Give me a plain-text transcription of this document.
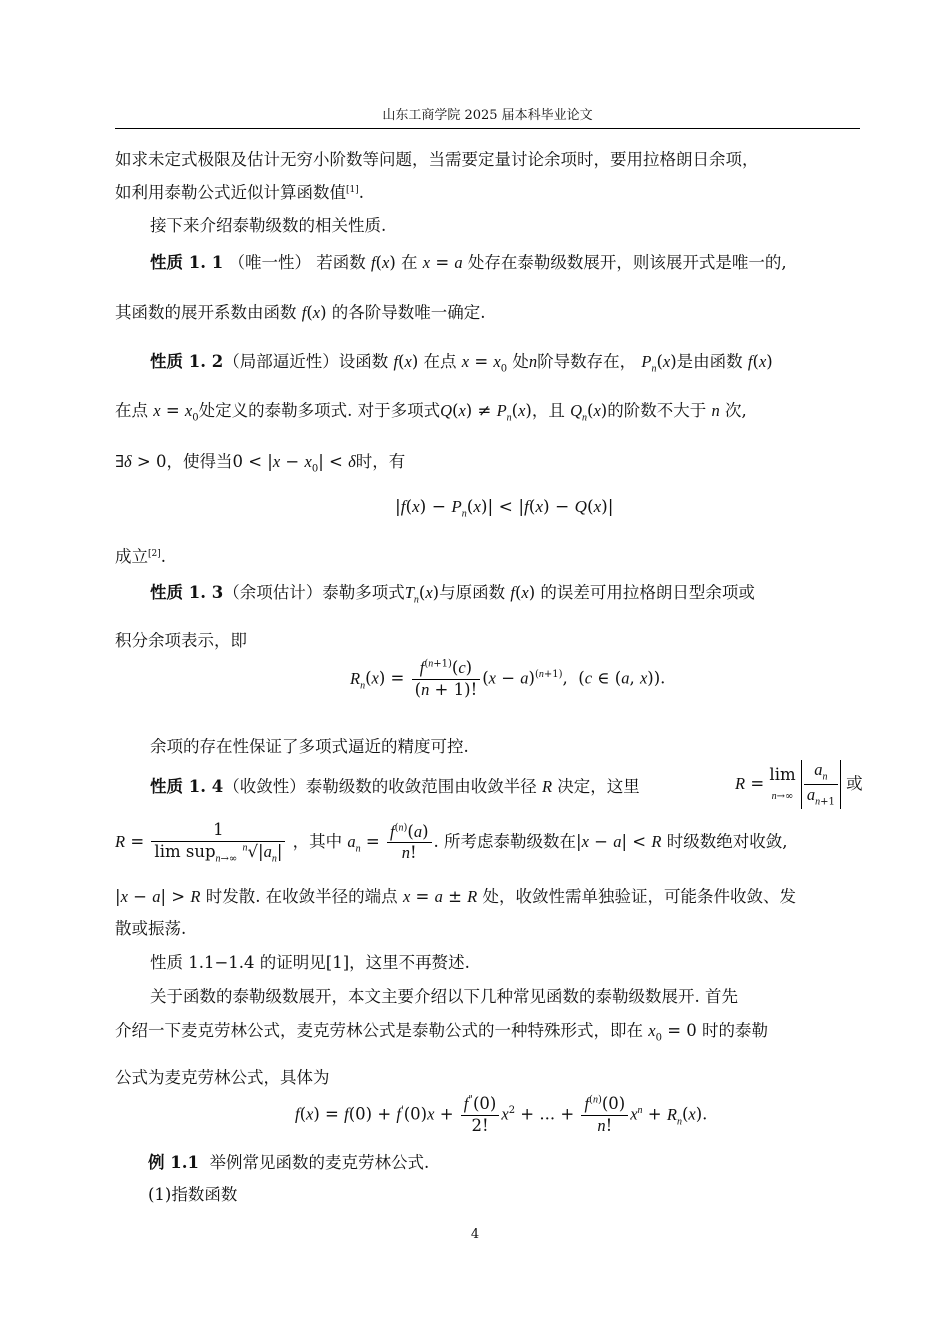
山东工商学院 2025 届本科毕业论文
如求未定式极限及估计无穷小阶数等问题，当需要定量讨论余项时，要用拉格朗日余项，
如利用泰勒公式近似计算函数值[1].
接下来介绍泰勒级数的相关性质.
性质 1. 1 （唯一性） 若函数 f(x) 在 x = a 处存在泰勒级数展开，则该展开式是唯一的,
其函数的展开系数由函数 f(x) 的各阶导数唯一确定.
性质 1. 2（局部逼近性）设函数 f(x) 在点 $x = x_0$ 处n阶导数存在， $P_n(x)$是由函数 f(x)
在点 $x = x_0$处定义的泰勒多项式. 对于多项式$Q(x) \ne P_n(x)$，且 $Q_n(x)$的阶数不大于 n 次,
∃δ > 0，使得当$0 < |x - x_0| < \delta$时，有
$|f(x) - P_n(x)| < |f(x) - Q(x)|$
成立[2].
性质 1. 3（余项估计）泰勒多项式$T_n(x)$与原函数 f(x) 的误差可用拉格朗日型余项或
积分余项表示，即
$R_n(x) = \frac{f^{(n+1)}(c)}{(n + 1)!} (x - a)^{(n+1)}$,  (c ∈ (a, x)).
余项的存在性保证了多项式逼近的精度可控.
性质 1. 4（收敛性）泰勒级数的收敛范围由收敛半径 R 决定，这里	R = lim
$n\to\infty \frac{a_n}{a_{n+1}}$ 或
$R = \frac{1}{\lim sup_{n\to\infty} ^n√|a_n|}$ ，其中 $a_n = \frac{f^{(n)}(a)}{n!}$ . 所考虑泰勒级数在|x − a| < R 时级数绝对收敛,
|x − a| > R 时发散. 在收敛半径的端点 x = a ± R 处，收敛性需单独验证，可能条件收敛、发
散或振荡.
性质 1.1−1.4 的证明见[1]，这里不再赘述.
关于函数的泰勒级数展开，本文主要介绍以下几种常见函数的泰勒级数展开. 首先
介绍一下麦克劳林公式，麦克劳林公式是泰勒公式的一种特殊形式，即在 $x_0 = 0$ 时的泰勒
公式为麦克劳林公式，具体为
$f(x) = f(0) + f'(0)x + \frac{f^"(0)}{2!} x^2$ + ... + $\frac{f^{(n)}(0)}{n!} x^n + R_n(x)$.
例 1.1 举例常见函数的麦克劳林公式.
(1)指数函数
4
